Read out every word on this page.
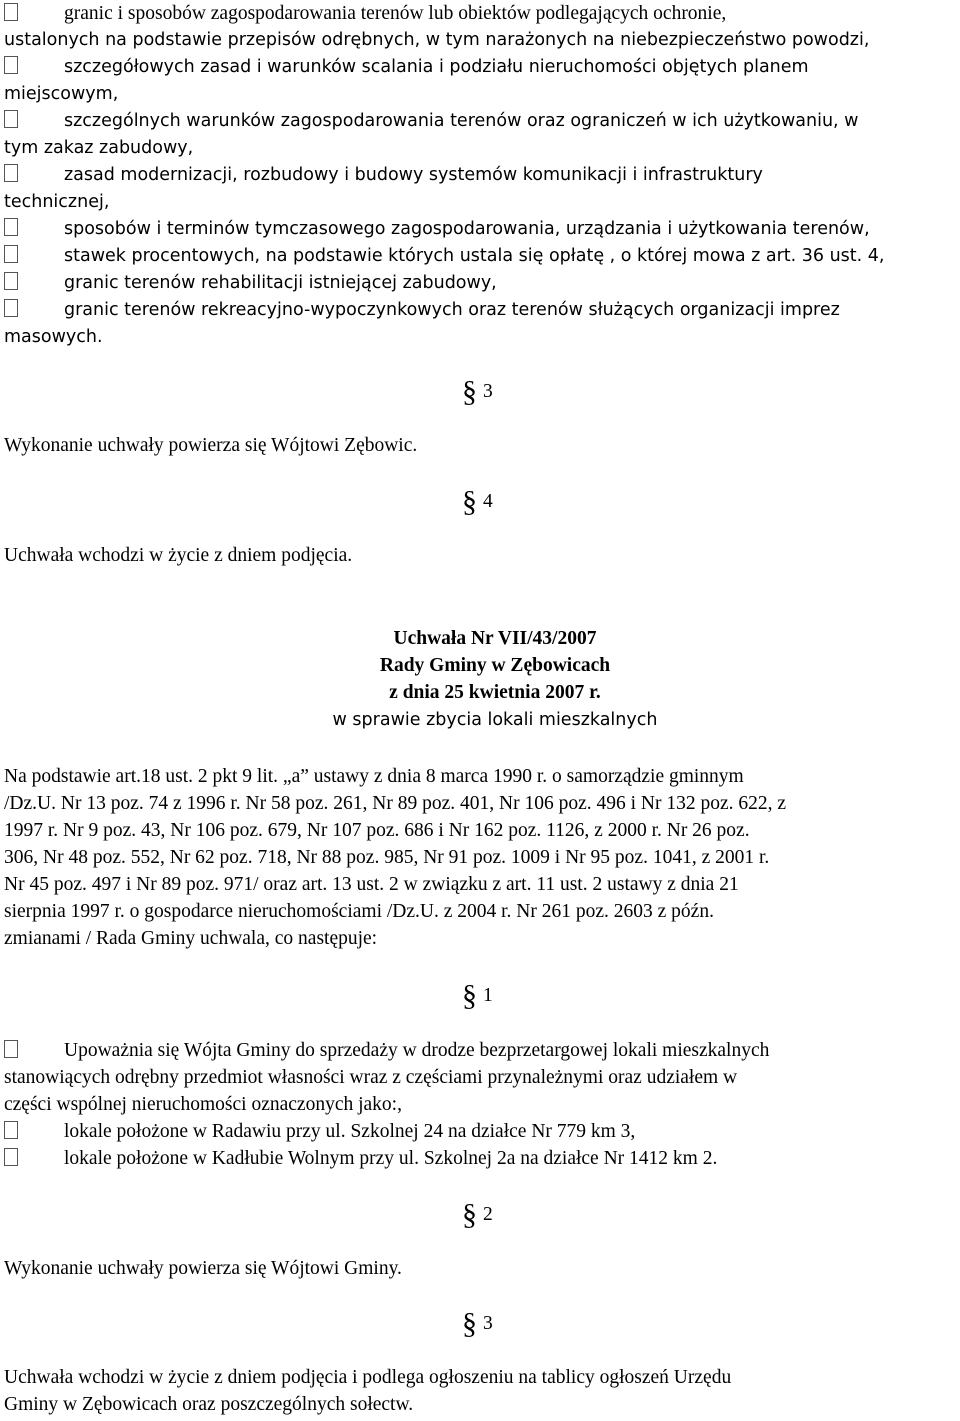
granic i sposobów zagospodarowania terenów lub obiektów podlegających ochronie,
ustalonych na podstawie przepisów odrębnych, w tym narażonych na niebezpieczeństwo powodzi,
szczegółowych zasad i warunków scalania i podziału nieruchomości objętych planem
miejscowym,
szczególnych warunków zagospodarowania terenów oraz ograniczeń w ich użytkowaniu, w
tym zakaz zabudowy,
zasad modernizacji, rozbudowy i budowy systemów komunikacji i infrastruktury
technicznej,
sposobów i terminów tymczasowego zagospodarowania, urządzania i użytkowania terenów,
stawek procentowych, na podstawie których ustala się opłatę , o której mowa z art. 36 ust. 4,
granic terenów rehabilitacji istniejącej zabudowy,
granic terenów rekreacyjno-wypoczynkowych oraz terenów służących organizacji imprez
masowych.
§ 3
Wykonanie uchwały powierza się Wójtowi Zębowic.
§ 4
Uchwała wchodzi w życie z dniem podjęcia.
Uchwała Nr VII/43/2007
Rady Gminy w Zębowicach
z dnia 25 kwietnia 2007 r.
w sprawie zbycia lokali mieszkalnych
Na podstawie art.18 ust. 2 pkt 9 lit. „a” ustawy z dnia 8 marca 1990 r. o samorządzie gminnym
/Dz.U. Nr 13 poz. 74 z 1996 r. Nr 58 poz. 261, Nr 89 poz. 401, Nr 106 poz. 496 i Nr 132 poz. 622, z
1997 r. Nr 9 poz. 43, Nr 106 poz. 679, Nr 107 poz. 686 i Nr 162 poz. 1126, z 2000 r. Nr 26 poz.
306, Nr 48 poz. 552, Nr 62 poz. 718, Nr 88 poz. 985, Nr 91 poz. 1009 i Nr 95 poz. 1041, z 2001 r.
Nr 45 poz. 497 i Nr 89 poz. 971/ oraz art. 13 ust. 2 w związku z art. 11 ust. 2 ustawy z dnia 21
sierpnia 1997 r. o gospodarce nieruchomościami /Dz.U. z 2004 r. Nr 261 poz. 2603 z późn.
zmianami / Rada Gminy uchwala, co następuje:
§ 1
Upoważnia się Wójta Gminy do sprzedaży w drodze bezprzetargowej lokali mieszkalnych
stanowiących odrębny przedmiot własności wraz z częściami przynależnymi oraz udziałem w
części wspólnej nieruchomości oznaczonych jako:,
lokale położone w Radawiu przy ul. Szkolnej 24 na działce Nr 779 km 3,
lokale położone w Kadłubie Wolnym przy ul. Szkolnej 2a na działce Nr 1412 km 2.
§ 2
Wykonanie uchwały powierza się Wójtowi Gminy.
§ 3
Uchwała wchodzi w życie z dniem podjęcia i podlega ogłoszeniu na tablicy ogłoszeń Urzędu
Gminy w Zębowicach oraz poszczególnych sołectw.
